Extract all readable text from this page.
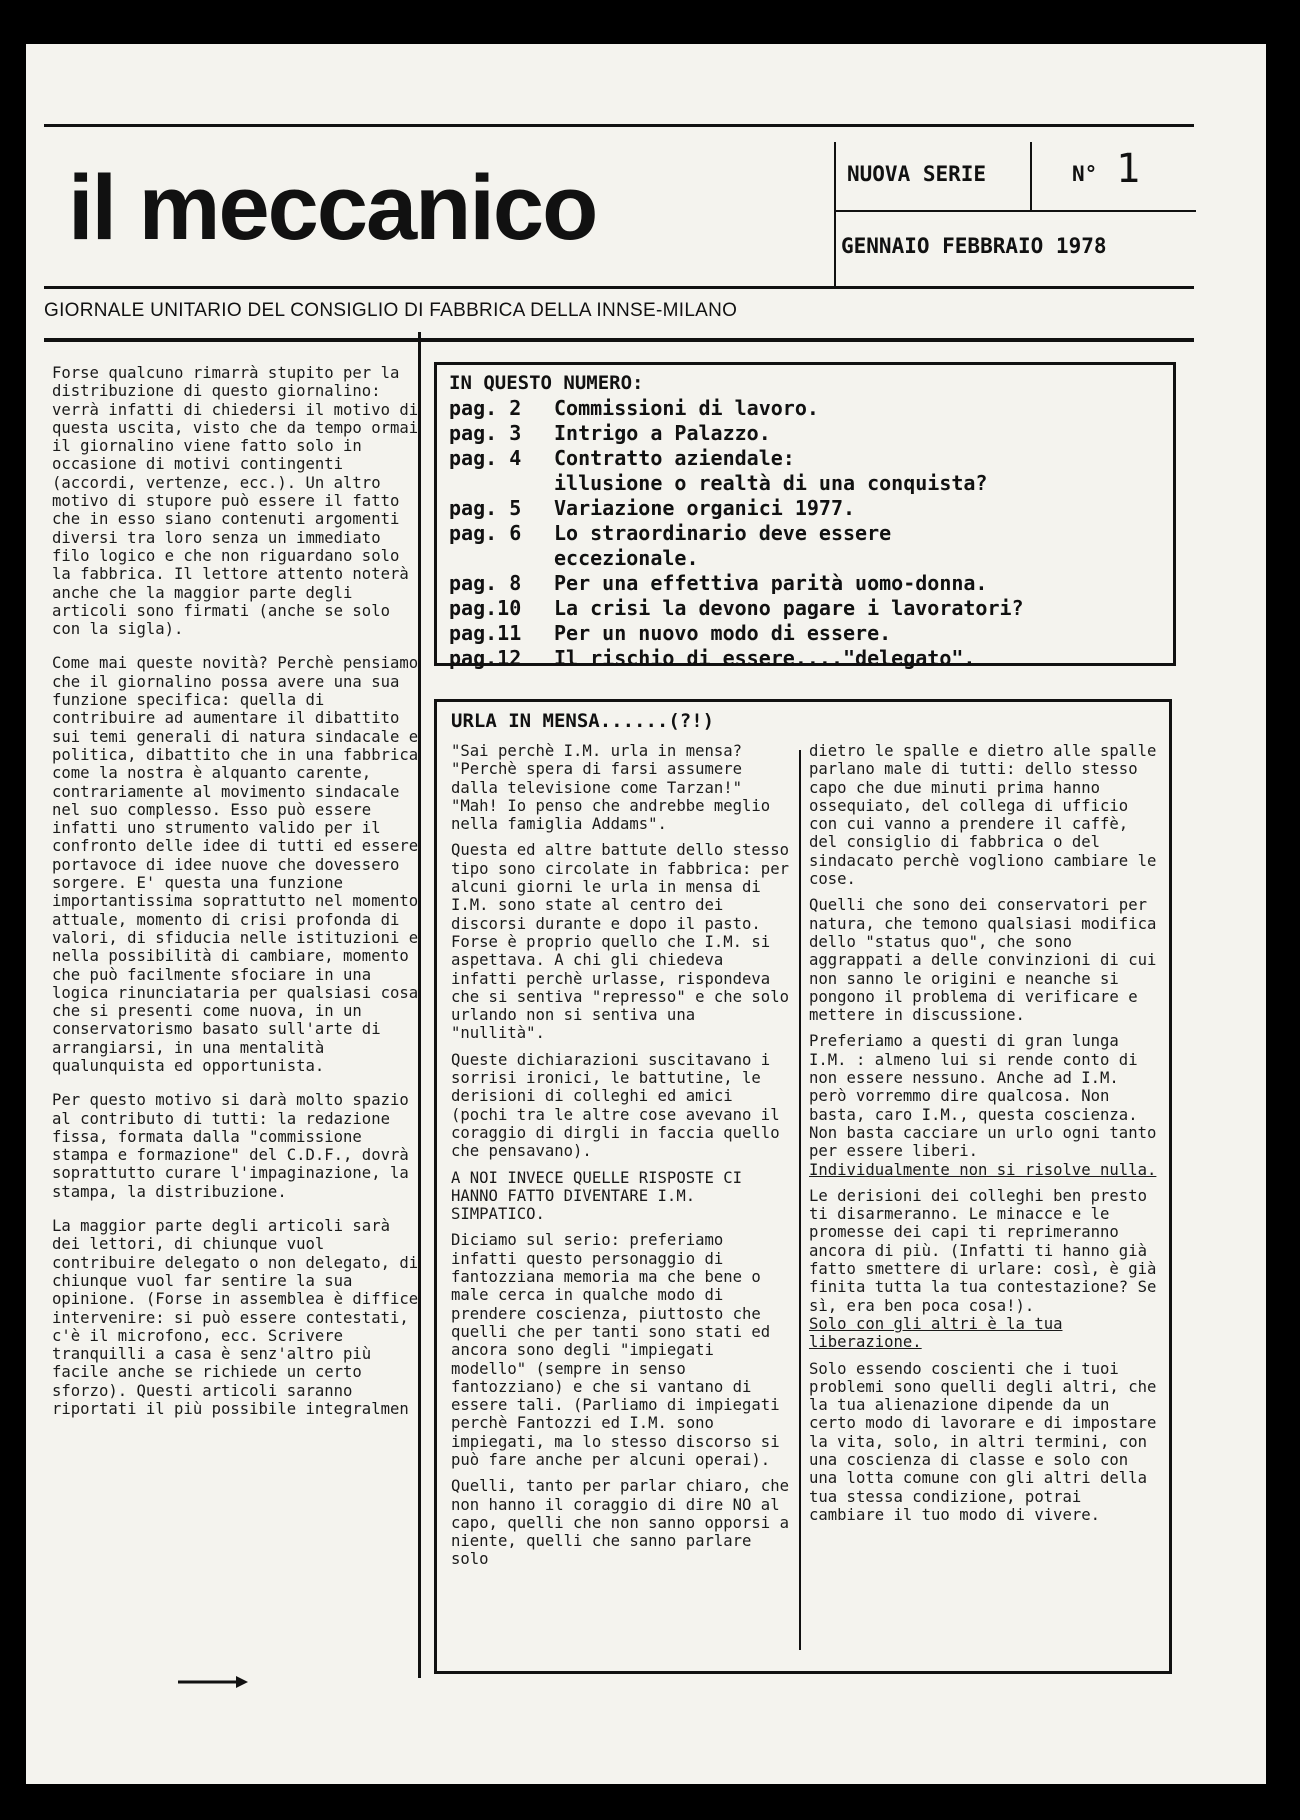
il meccanico
GIORNALE UNITARIO DEL CONSIGLIO DI FABBRICA DELLA INNSE-MILANO
NUOVA SERIE	N° 1
GENNAIO FEBBRAIO 1978

Forse qualcuno rimarrà stupito per la distribuzione di questo giornalino: verrà infatti di chiedersi il motivo di questa uscita, visto che da tempo ormai il giornalino viene fatto solo in occasione di motivi contingenti (accordi, vertenze, ecc.). Un altro motivo di stupore può essere il fatto che in esso siano contenuti argomenti diversi tra loro senza un immediato filo logico e che non riguardano solo la fabbrica. Il lettore attento noterà anche che la maggior parte degli articoli sono firmati (anche se solo con la sigla).

Come mai queste novità? Perchè pensiamo che il giornalino possa avere una sua funzione specifica: quella di contribuire ad aumentare il dibattito sui temi generali di natura sindacale e politica, dibattito che in una fabbrica come la nostra è alquanto carente, contrariamente al movimento sindacale nel suo complesso. Esso può essere infatti uno strumento valido per il confronto delle idee di tutti ed essere portavoce di idee nuove che dovessero sorgere. E' questa una funzione importantissima soprattutto nel momento attuale, momento di crisi profonda di valori, di sfiducia nelle istituzioni e nella possibilità di cambiare, momento che può facilmente sfociare in una logica rinunciataria per qualsiasi cosa che si presenti come nuova, in un conservatorismo basato sull'arte di arrangiarsi, in una mentalità qualunquista ed opportunista.

Per questo motivo si darà molto spazio al contributo di tutti: la redazione fissa, formata dalla "commissione stampa e formazione" del C.D.F., dovrà soprattutto curare l'impaginazione, la stampa, la distribuzione.

La maggior parte degli articoli sarà dei lettori, di chiunque vuol contribuire delegato o non delegato, di chiunque vuol far sentire la sua opinione. (Forse in assemblea è diffice intervenire: si può essere contestati, c'è il microfono, ecc. Scrivere tranquilli a casa è senz'altro più facile anche se richiede un certo sforzo). Questi articoli saranno riportati il più possibile integralmen

IN QUESTO NUMERO:
pag. 2	Commissioni di lavoro.
pag. 3	Intrigo a Palazzo.
pag. 4	Contratto aziendale:
illusione o realtà di una conquista?
pag. 5	Variazione organici 1977.
pag. 6	Lo straordinario deve essere
eccezionale.
pag. 8	Per una effettiva parità uomo-donna.
pag.10	La crisi la devono pagare i lavoratori?
pag.11	Per un nuovo modo di essere.
pag.12	Il rischio di essere...."delegato".
URLA IN MENSA......(?!)

"Sai perchè I.M. urla in mensa? "Perchè spera di farsi assumere dalla televisione come Tarzan!" "Mah! Io penso che andrebbe meglio nella famiglia Addams".

Questa ed altre battute dello stesso tipo sono circolate in fabbrica: per alcuni giorni le urla in mensa di I.M. sono state al centro dei discorsi durante e dopo il pasto. Forse è proprio quello che I.M. si aspettava. A chi gli chiedeva infatti perchè urlasse, rispondeva che si sentiva "represso" e che solo urlando non si sentiva una "nullità".

Queste dichiarazioni suscitavano i sorrisi ironici, le battutine, le derisioni di colleghi ed amici (pochi tra le altre cose avevano il coraggio di dirgli in faccia quello che pensavano).

A NOI INVECE QUELLE RISPOSTE CI HANNO FATTO DIVENTARE I.M. SIMPATICO.

Diciamo sul serio: preferiamo infatti questo personaggio di fantozziana memoria ma che bene o male cerca in qualche modo di prendere coscienza, piuttosto che quelli che per tanti sono stati ed ancora sono degli "impiegati modello" (sempre in senso fantozziano) e che si vantano di essere tali. (Parliamo di impiegati perchè Fantozzi ed I.M. sono impiegati, ma lo stesso discorso si può fare anche per alcuni operai).

Quelli, tanto per parlar chiaro, che non hanno il coraggio di dire NO al capo, quelli che non sanno opporsi a niente, quelli che sanno parlare solo

dietro le spalle e dietro alle spalle parlano male di tutti: dello stesso capo che due minuti prima hanno ossequiato, del collega di ufficio con cui vanno a prendere il caffè, del consiglio di fabbrica o del sindacato perchè vogliono cambiare le cose.

Quelli che sono dei conservatori per natura, che temono qualsiasi modifica dello "status quo", che sono aggrappati a delle convinzioni di cui non sanno le origini e neanche si pongono il problema di verificare e mettere in discussione.

Preferiamo a questi di gran lunga I.M. : almeno lui si rende conto di non essere nessuno. Anche ad I.M. però vorremmo dire qualcosa. Non basta, caro I.M., questa coscienza. Non basta cacciare un urlo ogni tanto per essere liberi.

Individualmente non si risolve nulla.

Le derisioni dei colleghi ben presto ti disarmeranno. Le minacce e le promesse dei capi ti reprimeranno ancora di più. (Infatti ti hanno già fatto smettere di urlare: così, è già finita tutta la tua contestazione? Se sì, era ben poca cosa!).

Solo con gli altri è la tua liberazione.

Solo essendo coscienti che i tuoi problemi sono quelli degli altri, che la tua alienazione dipende da un certo modo di lavorare e di impostare la vita, solo, in altri termini, con una coscienza di classe e solo con una lotta comune con gli altri della tua stessa condizione, potrai cambiare il tuo modo di vivere.
